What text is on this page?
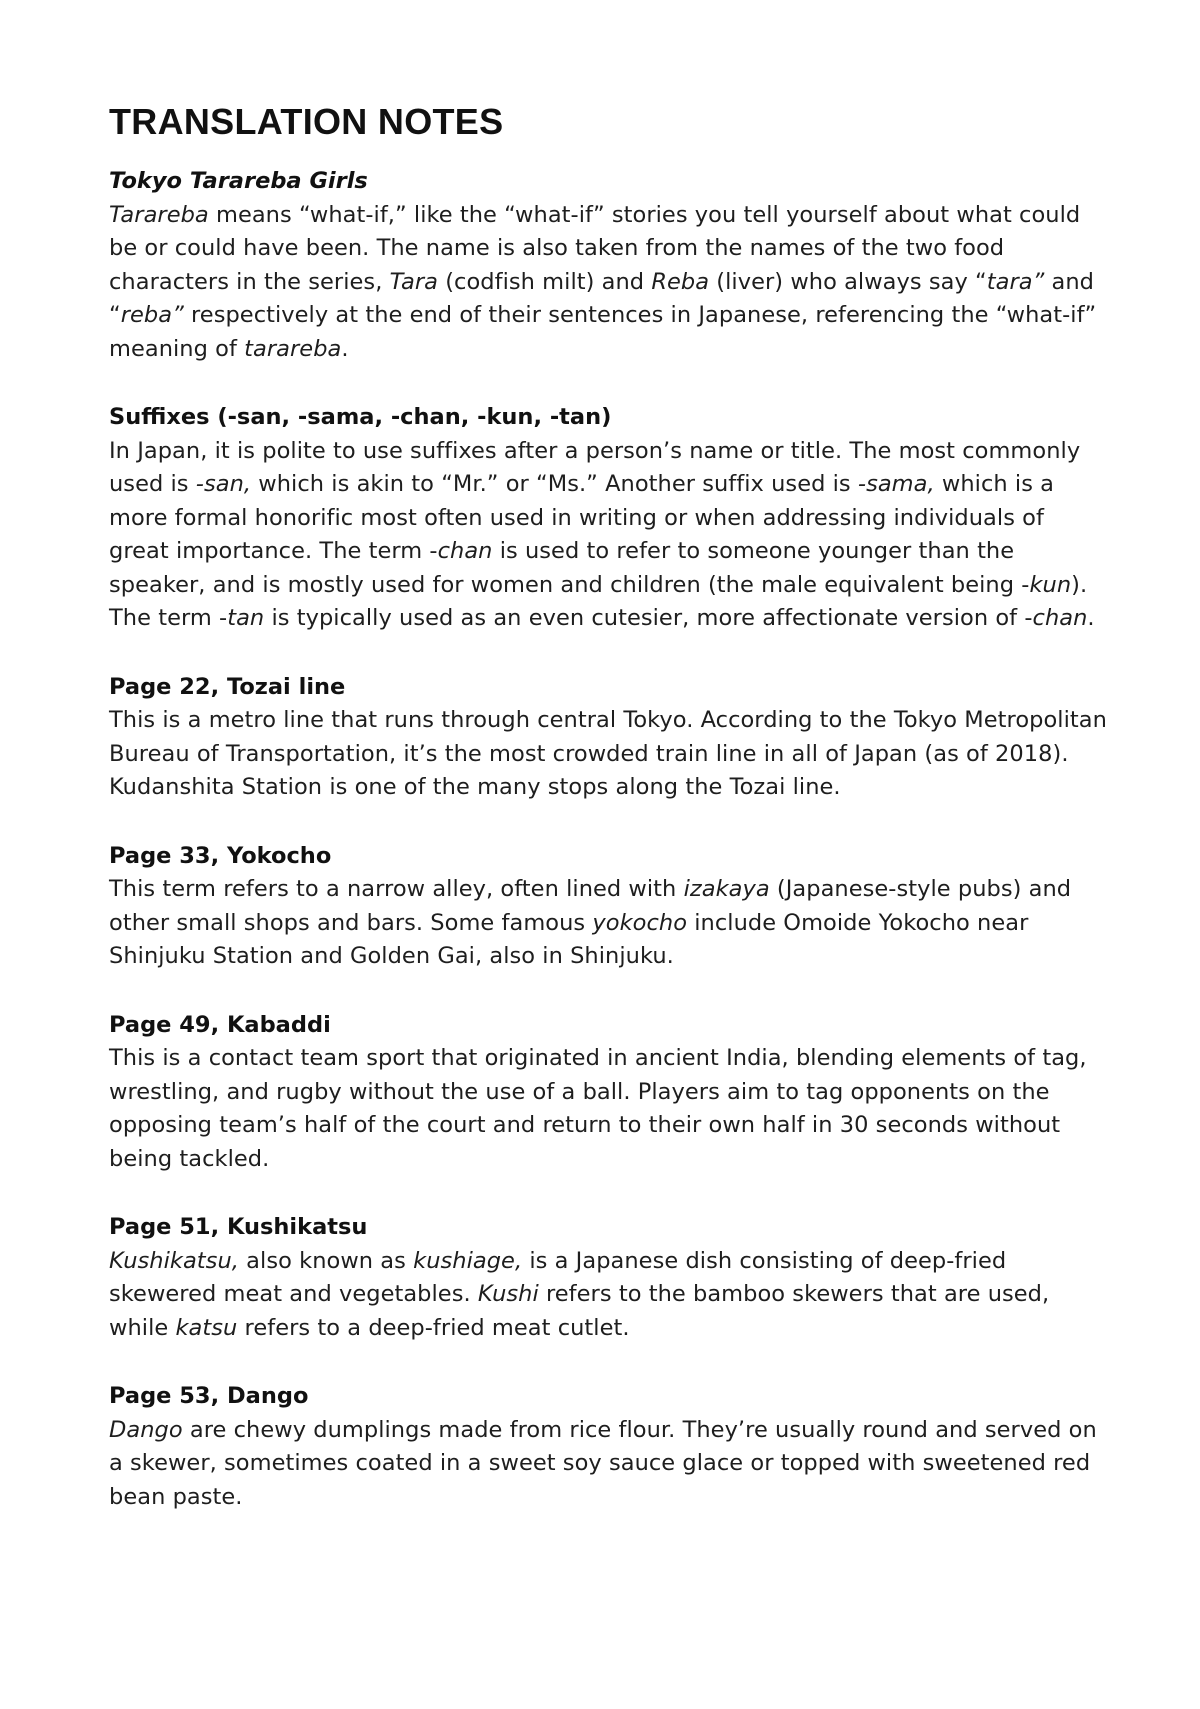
TRANSLATION NOTES
Tokyo Tarareba Girls

Tarareba means “what-if,” like the “what-if” stories you tell yourself about what could be or could have been. The name is also taken from the names of the two food characters in the series, Tara (codfish milt) and Reba (liver) who always say “tara” and “reba” respectively at the end of their sentences in Japanese, referencing the “what-if” meaning of tarareba.

Suffixes (-san, -sama, -chan, -kun, -tan)

In Japan, it is polite to use suffixes after a person’s name or title. The most commonly used is -san, which is akin to “Mr.” or “Ms.” Another suffix used is -sama, which is a more formal honorific most often used in writing or when addressing individuals of great importance. The term -chan is used to refer to someone younger than the speaker, and is mostly used for women and children (the male equivalent being -kun). The term -tan is typically used as an even cutesier, more affectionate version of -chan.

Page 22, Tozai line

This is a metro line that runs through central Tokyo. According to the Tokyo Metropolitan Bureau of Transportation, it’s the most crowded train line in all of Japan (as of 2018). Kudanshita Station is one of the many stops along the Tozai line.

Page 33, Yokocho

This term refers to a narrow alley, often lined with izakaya (Japanese-style pubs) and other small shops and bars. Some famous yokocho include Omoide Yokocho near Shinjuku Station and Golden Gai, also in Shinjuku.

Page 49, Kabaddi

This is a contact team sport that originated in ancient India, blending elements of tag, wrestling, and rugby without the use of a ball. Players aim to tag opponents on the opposing team’s half of the court and return to their own half in 30 seconds without being tackled.

Page 51, Kushikatsu

Kushikatsu, also known as kushiage, is a Japanese dish consisting of deep-fried skewered meat and vegetables. Kushi refers to the bamboo skewers that are used, while katsu refers to a deep-fried meat cutlet.

Page 53, Dango

Dango are chewy dumplings made from rice flour. They’re usually round and served on a skewer, sometimes coated in a sweet soy sauce glace or topped with sweetened red bean paste.
